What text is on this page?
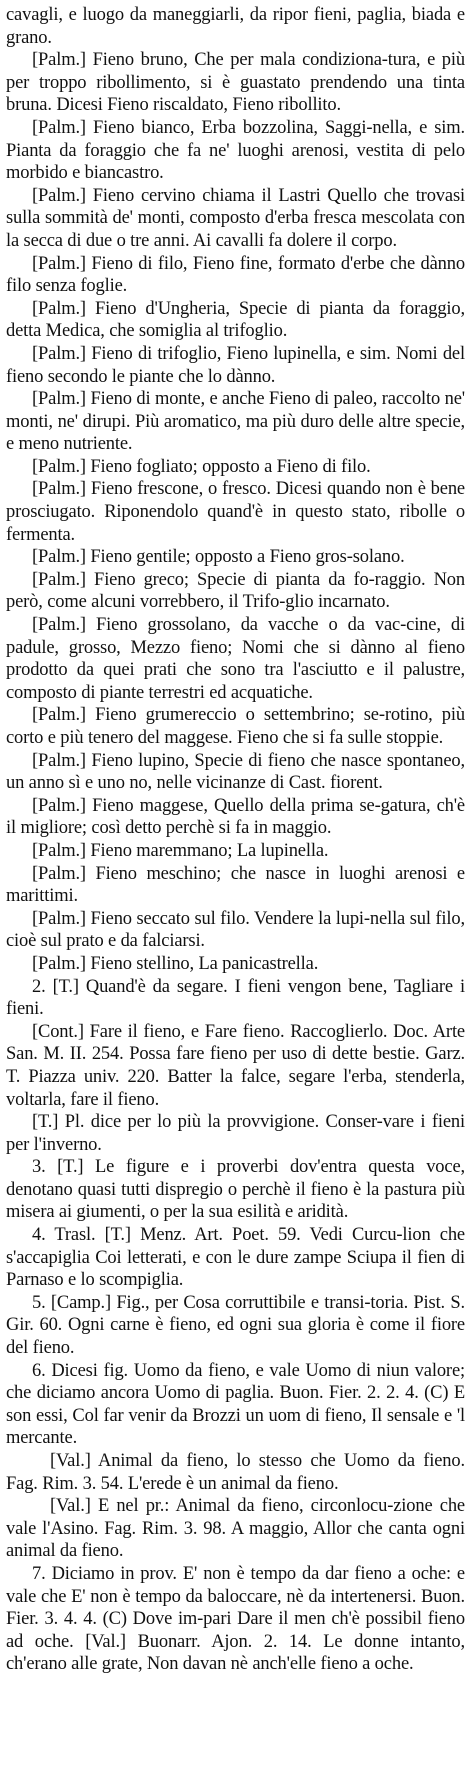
cavagli, e luogo da maneggiarli, da ripor fieni, paglia, biada e grano.

[Palm.] Fieno bruno, Che per mala condiziona-tura, e più per troppo ribollimento, si è guastato prendendo una tinta bruna. Dicesi Fieno riscaldato, Fieno ribollito.

[Palm.] Fieno bianco, Erba bozzolina, Saggi-nella, e sim. Pianta da foraggio che fa ne' luoghi arenosi, vestita di pelo morbido e biancastro.

[Palm.] Fieno cervino chiama il Lastri Quello che trovasi sulla sommità de' monti, composto d'erba fresca mescolata con la secca di due o tre anni. Ai cavalli fa dolere il corpo.

[Palm.] Fieno di filo, Fieno fine, formato d'erbe che dànno filo senza foglie.

[Palm.] Fieno d'Ungheria, Specie di pianta da foraggio, detta Medica, che somiglia al trifoglio.

[Palm.] Fieno di trifoglio, Fieno lupinella, e sim. Nomi del fieno secondo le piante che lo dànno.

[Palm.] Fieno di monte, e anche Fieno di paleo, raccolto ne' monti, ne' dirupi. Più aromatico, ma più duro delle altre specie, e meno nutriente.

[Palm.] Fieno fogliato; opposto a Fieno di filo.

[Palm.] Fieno frescone, o fresco. Dicesi quando non è bene prosciugato. Riponendolo quand'è in questo stato, ribolle o fermenta.

[Palm.] Fieno gentile; opposto a Fieno gros-solano.

[Palm.] Fieno greco; Specie di pianta da fo-raggio. Non però, come alcuni vorrebbero, il Trifo-glio incarnato.

[Palm.] Fieno grossolano, da vacche o da vac-cine, di padule, grosso, Mezzo fieno; Nomi che si dànno al fieno prodotto da quei prati che sono tra l'asciutto e il palustre, composto di piante terrestri ed acquatiche.

[Palm.] Fieno grumereccio o settembrino; se-rotino, più corto e più tenero del maggese. Fieno che si fa sulle stoppie.

[Palm.] Fieno lupino, Specie di fieno che nasce spontaneo, un anno sì e uno no, nelle vicinanze di Cast. fiorent.

[Palm.] Fieno maggese, Quello della prima se-gatura, ch'è il migliore; così detto perchè si fa in maggio.

[Palm.] Fieno maremmano; La lupinella.

[Palm.] Fieno meschino; che nasce in luoghi arenosi e marittimi.

[Palm.] Fieno seccato sul filo. Vendere la lupi-nella sul filo, cioè sul prato e da falciarsi.

[Palm.] Fieno stellino, La panicastrella.

2. [T.] Quand'è da segare. I fieni vengon bene, Tagliare i fieni.

[Cont.] Fare il fieno, e Fare fieno. Raccoglierlo. Doc. Arte San. M. II. 254. Possa fare fieno per uso di dette bestie. Garz. T. Piazza univ. 220. Batter la falce, segare l'erba, stenderla, voltarla, fare il fieno.

[T.] Pl. dice per lo più la provvigione. Conser-vare i fieni per l'inverno.

3. [T.] Le figure e i proverbi dov'entra questa voce, denotano quasi tutti dispregio o perchè il fieno è la pastura più misera ai giumenti, o per la sua esilità e aridità.

4. Trasl. [T.] Menz. Art. Poet. 59. Vedi Curcu-lion che s'accapiglia Coi letterati, e con le dure zampe Sciupa il fien di Parnaso e lo scompiglia.

5. [Camp.] Fig., per Cosa corruttibile e transi-toria. Pist. S. Gir. 60. Ogni carne è fieno, ed ogni sua gloria è come il fiore del fieno.

6. Dicesi fig. Uomo da fieno, e vale Uomo di niun valore; che diciamo ancora Uomo di paglia. Buon. Fier. 2. 2. 4. (C) E son essi, Col far venir da Brozzi un uom di fieno, Il sensale e 'l mercante.

[Val.] Animal da fieno, lo stesso che Uomo da fieno. Fag. Rim. 3. 54. L'erede è un animal da fieno.

[Val.] E nel pr.: Animal da fieno, circonlocu-zione che vale l'Asino. Fag. Rim. 3. 98. A maggio, Allor che canta ogni animal da fieno.

7. Diciamo in prov. E' non è tempo da dar fieno a oche: e vale che E' non è tempo da baloccare, nè da intertenersi. Buon. Fier. 3. 4. 4. (C) Dove im-pari Dare il men ch'è possibil fieno ad oche. [Val.] Buonarr. Ajon. 2. 14. Le donne intanto, ch'erano alle grate, Non davan nè anch'elle fieno a oche.
